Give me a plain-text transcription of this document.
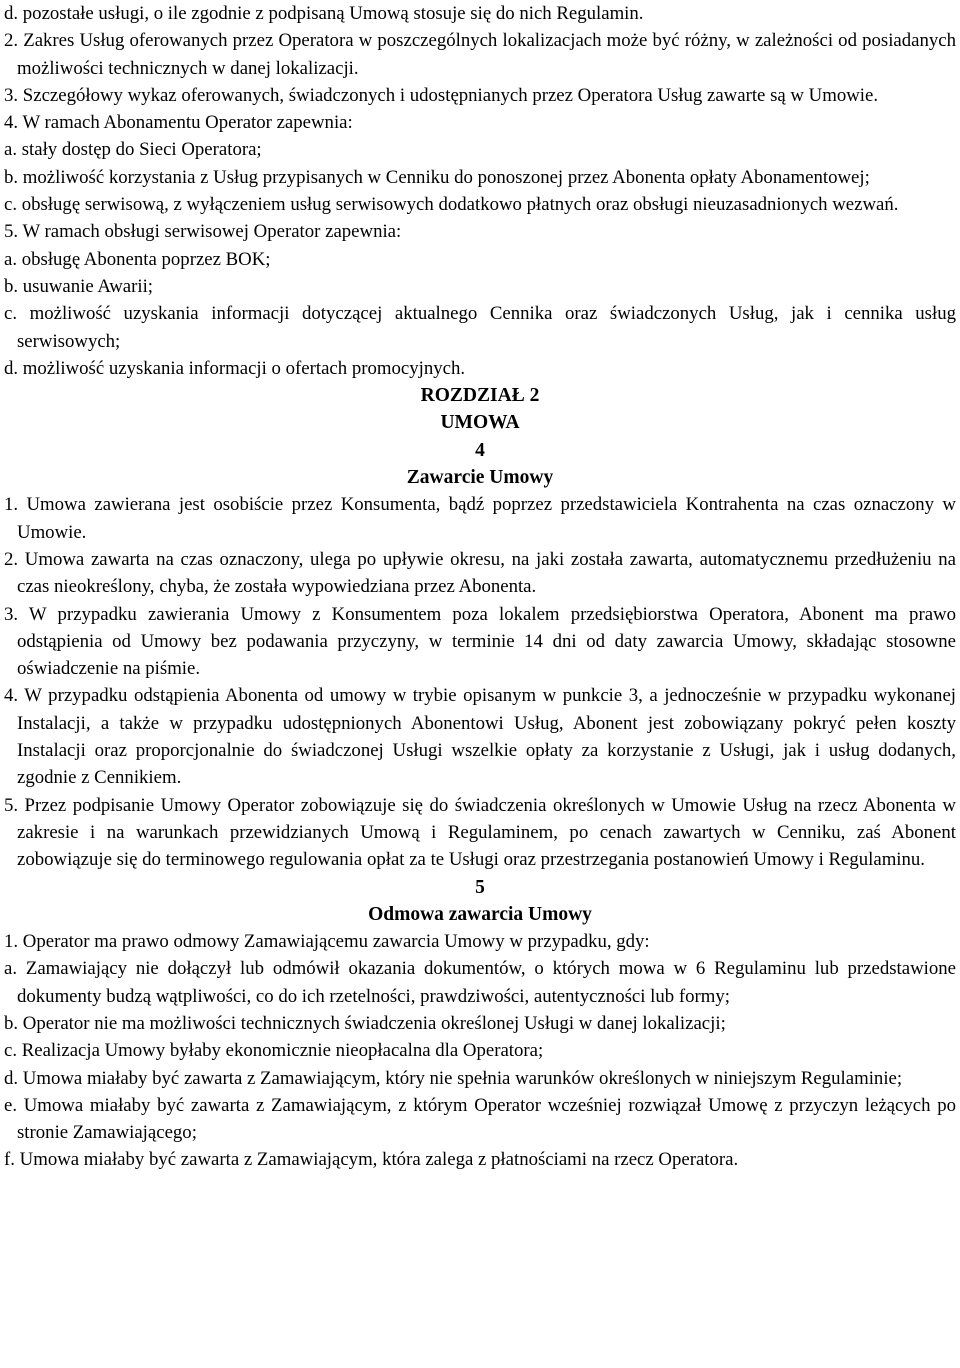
d. pozostałe usługi, o ile zgodnie z podpisaną Umową stosuje się do nich Regulamin.

2. Zakres Usług oferowanych przez Operatora w poszczególnych lokalizacjach może być różny, w zależności od posiadanych możliwości technicznych w danej lokalizacji.

3. Szczegółowy wykaz oferowanych, świadczonych i udostępnianych przez Operatora Usług zawarte są w Umowie.

4. W ramach Abonamentu Operator zapewnia:

a. stały dostęp do Sieci Operatora;

b. możliwość korzystania z Usług przypisanych w Cenniku do ponoszonej przez Abonenta opłaty Abonamentowej;

c. obsługę serwisową, z wyłączeniem usług serwisowych dodatkowo płatnych oraz obsługi nieuzasadnionych wezwań.

5. W ramach obsługi serwisowej Operator zapewnia:

a. obsługę Abonenta poprzez BOK;

b. usuwanie Awarii;

c. możliwość uzyskania informacji dotyczącej aktualnego Cennika oraz świadczonych Usług, jak i cennika usług serwisowych;

d. możliwość uzyskania informacji o ofertach promocyjnych.

ROZDZIAŁ 2

UMOWA

4

Zawarcie Umowy

1. Umowa zawierana jest osobiście przez Konsumenta, bądź poprzez przedstawiciela Kontrahenta na czas oznaczony w Umowie.

2. Umowa zawarta na czas oznaczony, ulega po upływie okresu, na jaki została zawarta, automatycznemu przedłużeniu na czas nieokreślony, chyba, że została wypowiedziana przez Abonenta.

3. W przypadku zawierania Umowy z Konsumentem poza lokalem przedsiębiorstwa Operatora, Abonent ma prawo odstąpienia od Umowy bez podawania przyczyny, w terminie 14 dni od daty zawarcia Umowy, składając stosowne oświadczenie na piśmie.

4. W przypadku odstąpienia Abonenta od umowy w trybie opisanym w punkcie 3, a jednocześnie w przypadku wykonanej Instalacji, a także w przypadku udostępnionych Abonentowi Usług, Abonent jest zobowiązany pokryć pełen koszty Instalacji oraz proporcjonalnie do świadczonej Usługi wszelkie opłaty za korzystanie z Usługi, jak i usług dodanych, zgodnie z Cennikiem.

5. Przez podpisanie Umowy Operator zobowiązuje się do świadczenia określonych w Umowie Usług na rzecz Abonenta w zakresie i na warunkach przewidzianych Umową i Regulaminem, po cenach zawartych w Cenniku, zaś Abonent zobowiązuje się do terminowego regulowania opłat za te Usługi oraz przestrzegania postanowień Umowy i Regulaminu.

5

Odmowa zawarcia Umowy

1. Operator ma prawo odmowy Zamawiającemu zawarcia Umowy w przypadku, gdy:

a. Zamawiający nie dołączył lub odmówił okazania dokumentów, o których mowa w 6 Regulaminu lub przedstawione dokumenty budzą wątpliwości, co do ich rzetelności, prawdziwości, autentyczności lub formy;

b. Operator nie ma możliwości technicznych świadczenia określonej Usługi w danej lokalizacji;

c. Realizacja Umowy byłaby ekonomicznie nieopłacalna dla Operatora;

d. Umowa miałaby być zawarta z Zamawiającym, który nie spełnia warunków określonych w niniejszym Regulaminie;

e. Umowa miałaby być zawarta z Zamawiającym, z którym Operator wcześniej rozwiązał Umowę z przyczyn leżących po stronie Zamawiającego;

f. Umowa miałaby być zawarta z Zamawiającym, która zalega z płatnościami na rzecz Operatora.
